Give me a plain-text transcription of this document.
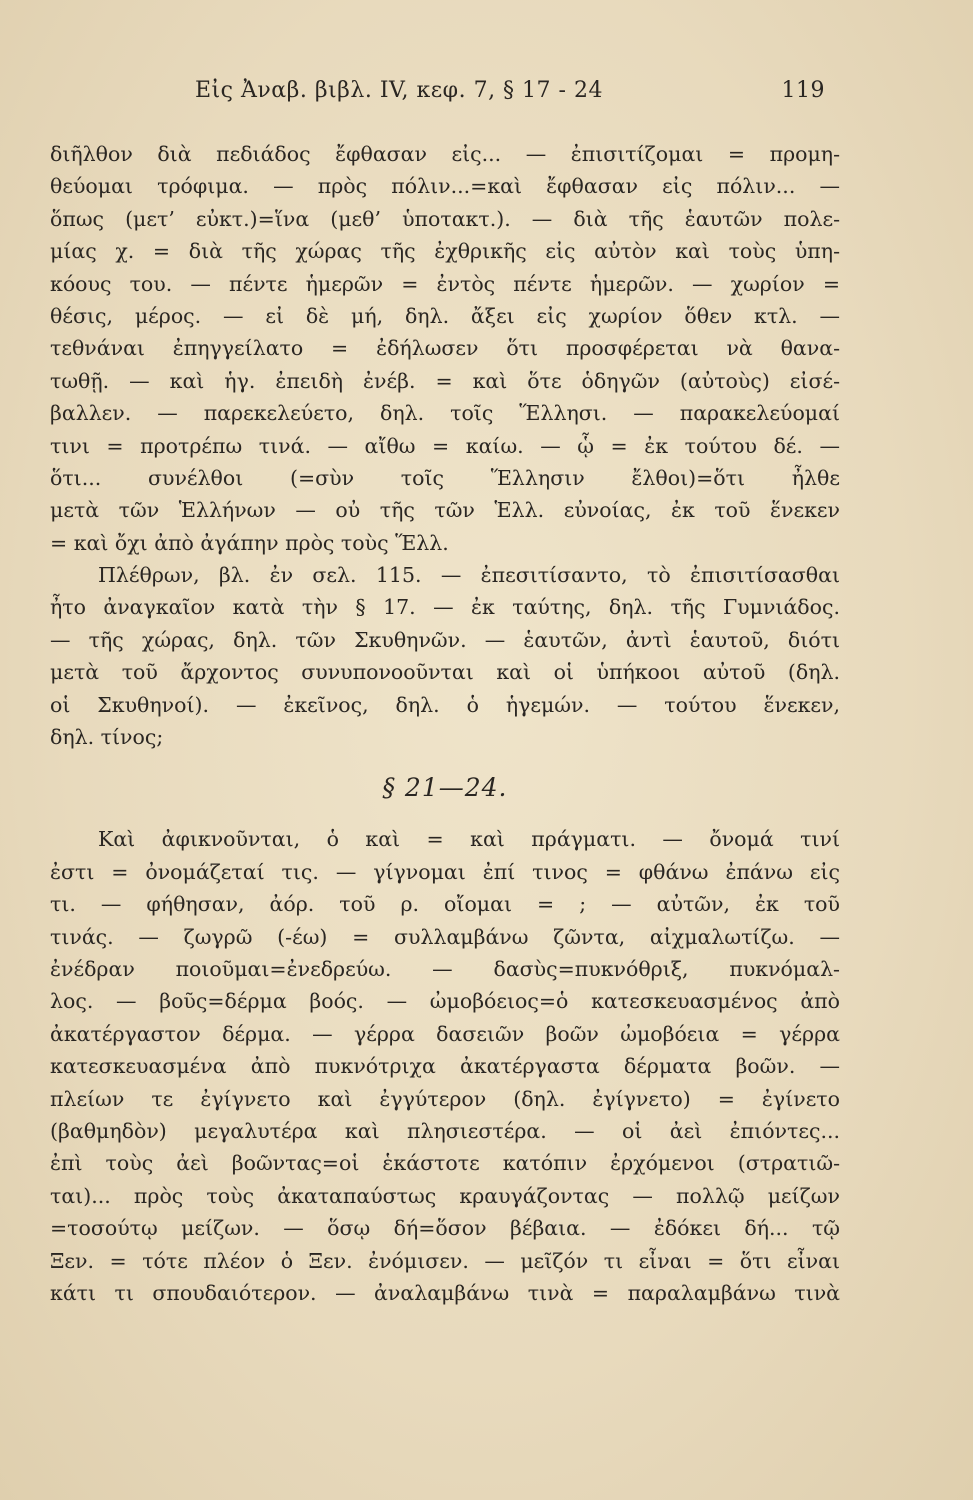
Εἰς Ἀναβ. βιβλ. IV, κεφ. 7, § 17 - 24	119
διῆλθον διὰ πεδιάδος ἔφθασαν εἰς... — ἐπισιτίζομαι = προμη-
θεύομαι τρόφιμα. — πρὸς πόλιν...=καὶ ἔφθασαν εἰς πόλιν... —
ὅπως (μετ’ εὐκτ.)=ἵνα (μεθ’ ὑποτακτ.). — διὰ τῆς ἑαυτῶν πολε-
μίας χ. = διὰ τῆς χώρας τῆς ἐχθρικῆς εἰς αὐτὸν καὶ τοὺς ὑπη-
κόους του. — πέντε ἡμερῶν = ἐντὸς πέντε ἡμερῶν. — χωρίον =
θέσις, μέρος. — εἰ δὲ μή, δηλ. ἄξει εἰς χωρίον ὅθεν κτλ. —
τεθνάναι ἐπηγγείλατο = ἐδήλωσεν ὅτι προσφέρεται νὰ θανα-
τωθῇ. — καὶ ἡγ. ἐπειδὴ ἐνέβ. = καὶ ὅτε ὁδηγῶν (αὐτοὺς) εἰσέ-
βαλλεν. — παρεκελεύετο, δηλ. τοῖς Ἕλλησι. — παρακελεύομαί
τινι = προτρέπω τινά. — αἴθω = καίω. — ᾧ = ἐκ τούτου δέ. —
ὅτι... συνέλθοι (=σὺν τοῖς Ἕλλησιν ἔλθοι)=ὅτι ἦλθε
μετὰ τῶν Ἑλλήνων — οὐ τῆς τῶν Ἑλλ. εὐνοίας, ἐκ τοῦ ἕνεκεν
= καὶ ὄχι ἀπὸ ἀγάπην πρὸς τοὺς Ἕλλ.
Πλέθρων, βλ. ἐν σελ. 115. — ἐπεσιτίσαντο, τὸ ἐπισιτίσασθαι
ἦτο ἀναγκαῖον κατὰ τὴν § 17. — ἐκ ταύτης, δηλ. τῆς Γυμνιάδος.
— τῆς χώρας, δηλ. τῶν Σκυθηνῶν. — ἑαυτῶν, ἀντὶ ἑαυτοῦ, διότι
μετὰ τοῦ ἄρχοντος συνυπονοοῦνται καὶ οἱ ὑπήκοοι αὐτοῦ (δηλ.
οἱ Σκυθηνοί). — ἐκεῖνος, δηλ. ὁ ἡγεμών. — τούτου ἕνεκεν,
δηλ. τίνος;
§ 21—24.
Καὶ ἀφικνοῦνται, ὁ καὶ = καὶ πράγματι. — ὄνομά τινί
ἐστι = ὀνομάζεταί τις. — γίγνομαι ἐπί τινος = φθάνω ἐπάνω εἰς
τι. — φήθησαν, ἀόρ. τοῦ ρ. οἴομαι = ; — αὐτῶν, ἐκ τοῦ
τινάς. — ζωγρῶ (-έω) = συλλαμβάνω ζῶντα, αἰχμαλωτίζω. —
ἐνέδραν ποιοῦμαι=ἐνεδρεύω. — δασὺς=πυκνόθριξ, πυκνόμαλ-
λος. — βοῦς=δέρμα βοός. — ὠμοβόειος=ὁ κατεσκευασμένος ἀπὸ
ἀκατέργαστον δέρμα. — γέρρα δασειῶν βοῶν ὠμοβόεια = γέρρα
κατεσκευασμένα ἀπὸ πυκνότριχα ἀκατέργαστα δέρματα βοῶν. —
πλείων τε ἐγίγνετο καὶ ἐγγύτερον (δηλ. ἐγίγνετο) = ἐγίνετο
(βαθμηδὸν) μεγαλυτέρα καὶ πλησιεστέρα. — οἱ ἀεὶ ἐπιόντες...
ἐπὶ τοὺς ἀεὶ βοῶντας=οἱ ἑκάστοτε κατόπιν ἐρχόμενοι (στρατιῶ-
ται)... πρὸς τοὺς ἀκαταπαύστως κραυγάζοντας — πολλῷ μείζων
=τοσούτῳ μείζων. — ὅσῳ δή=ὅσον βέβαια. — ἐδόκει δή... τῷ
Ξεν. = τότε πλέον ὁ Ξεν. ἐνόμισεν. — μεῖζόν τι εἶναι = ὅτι εἶναι
κάτι τι σπουδαιότερον. — ἀναλαμβάνω τινὰ = παραλαμβάνω τινὰ
